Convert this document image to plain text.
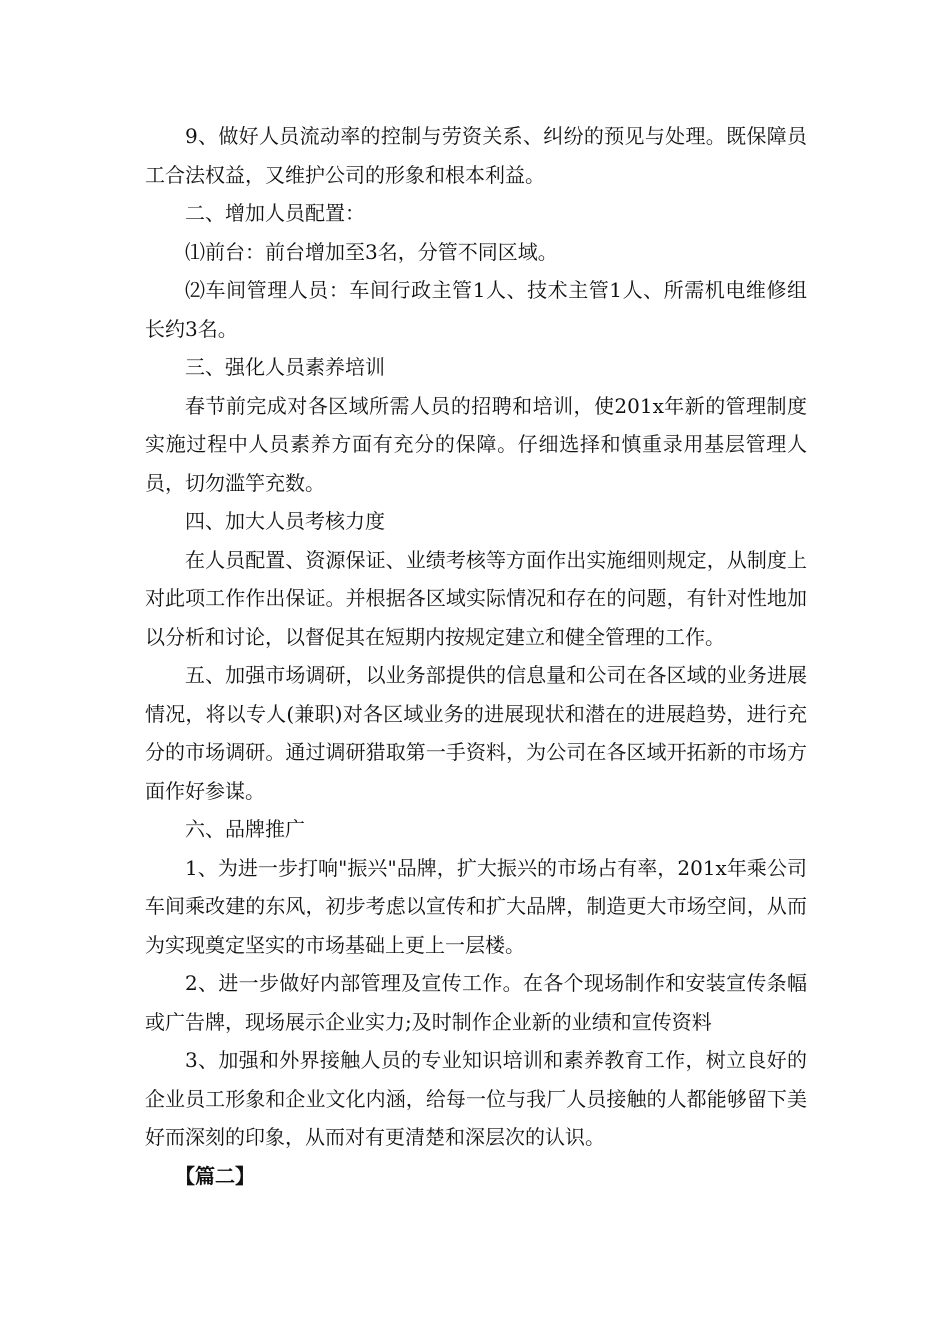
9、做好人员流动率的控制与劳资关系、纠纷的预见与处理。既保障员工合法权益，又维护公司的形象和根本利益。

二、增加人员配置：

⑴前台：前台增加至3名，分管不同区域。

⑵车间管理人员：车间行政主管1人、技术主管1人、所需机电维修组长约3名。

三、强化人员素养培训

春节前完成对各区域所需人员的招聘和培训，使201x年新的管理制度实施过程中人员素养方面有充分的保障。仔细选择和慎重录用基层管理人员，切勿滥竽充数。

四、加大人员考核力度

在人员配置、资源保证、业绩考核等方面作出实施细则规定，从制度上对此项工作作出保证。并根据各区域实际情况和存在的问题，有针对性地加以分析和讨论，以督促其在短期内按规定建立和健全管理的工作。

五、加强市场调研，以业务部提供的信息量和公司在各区域的业务进展情况，将以专人(兼职)对各区域业务的进展现状和潜在的进展趋势，进行充分的市场调研。通过调研猎取第一手资料，为公司在各区域开拓新的市场方面作好参谋。

六、品牌推广

1、为进一步打响"振兴"品牌，扩大振兴的市场占有率，201x年乘公司车间乘改建的东风，初步考虑以宣传和扩大品牌，制造更大市场空间，从而为实现奠定坚实的市场基础上更上一层楼。

2、进一步做好内部管理及宣传工作。在各个现场制作和安装宣传条幅或广告牌，现场展示企业实力;及时制作企业新的业绩和宣传资料

3、加强和外界接触人员的专业知识培训和素养教育工作，树立良好的企业员工形象和企业文化内涵，给每一位与我厂人员接触的人都能够留下美好而深刻的印象，从而对有更清楚和深层次的认识。

【篇二】
